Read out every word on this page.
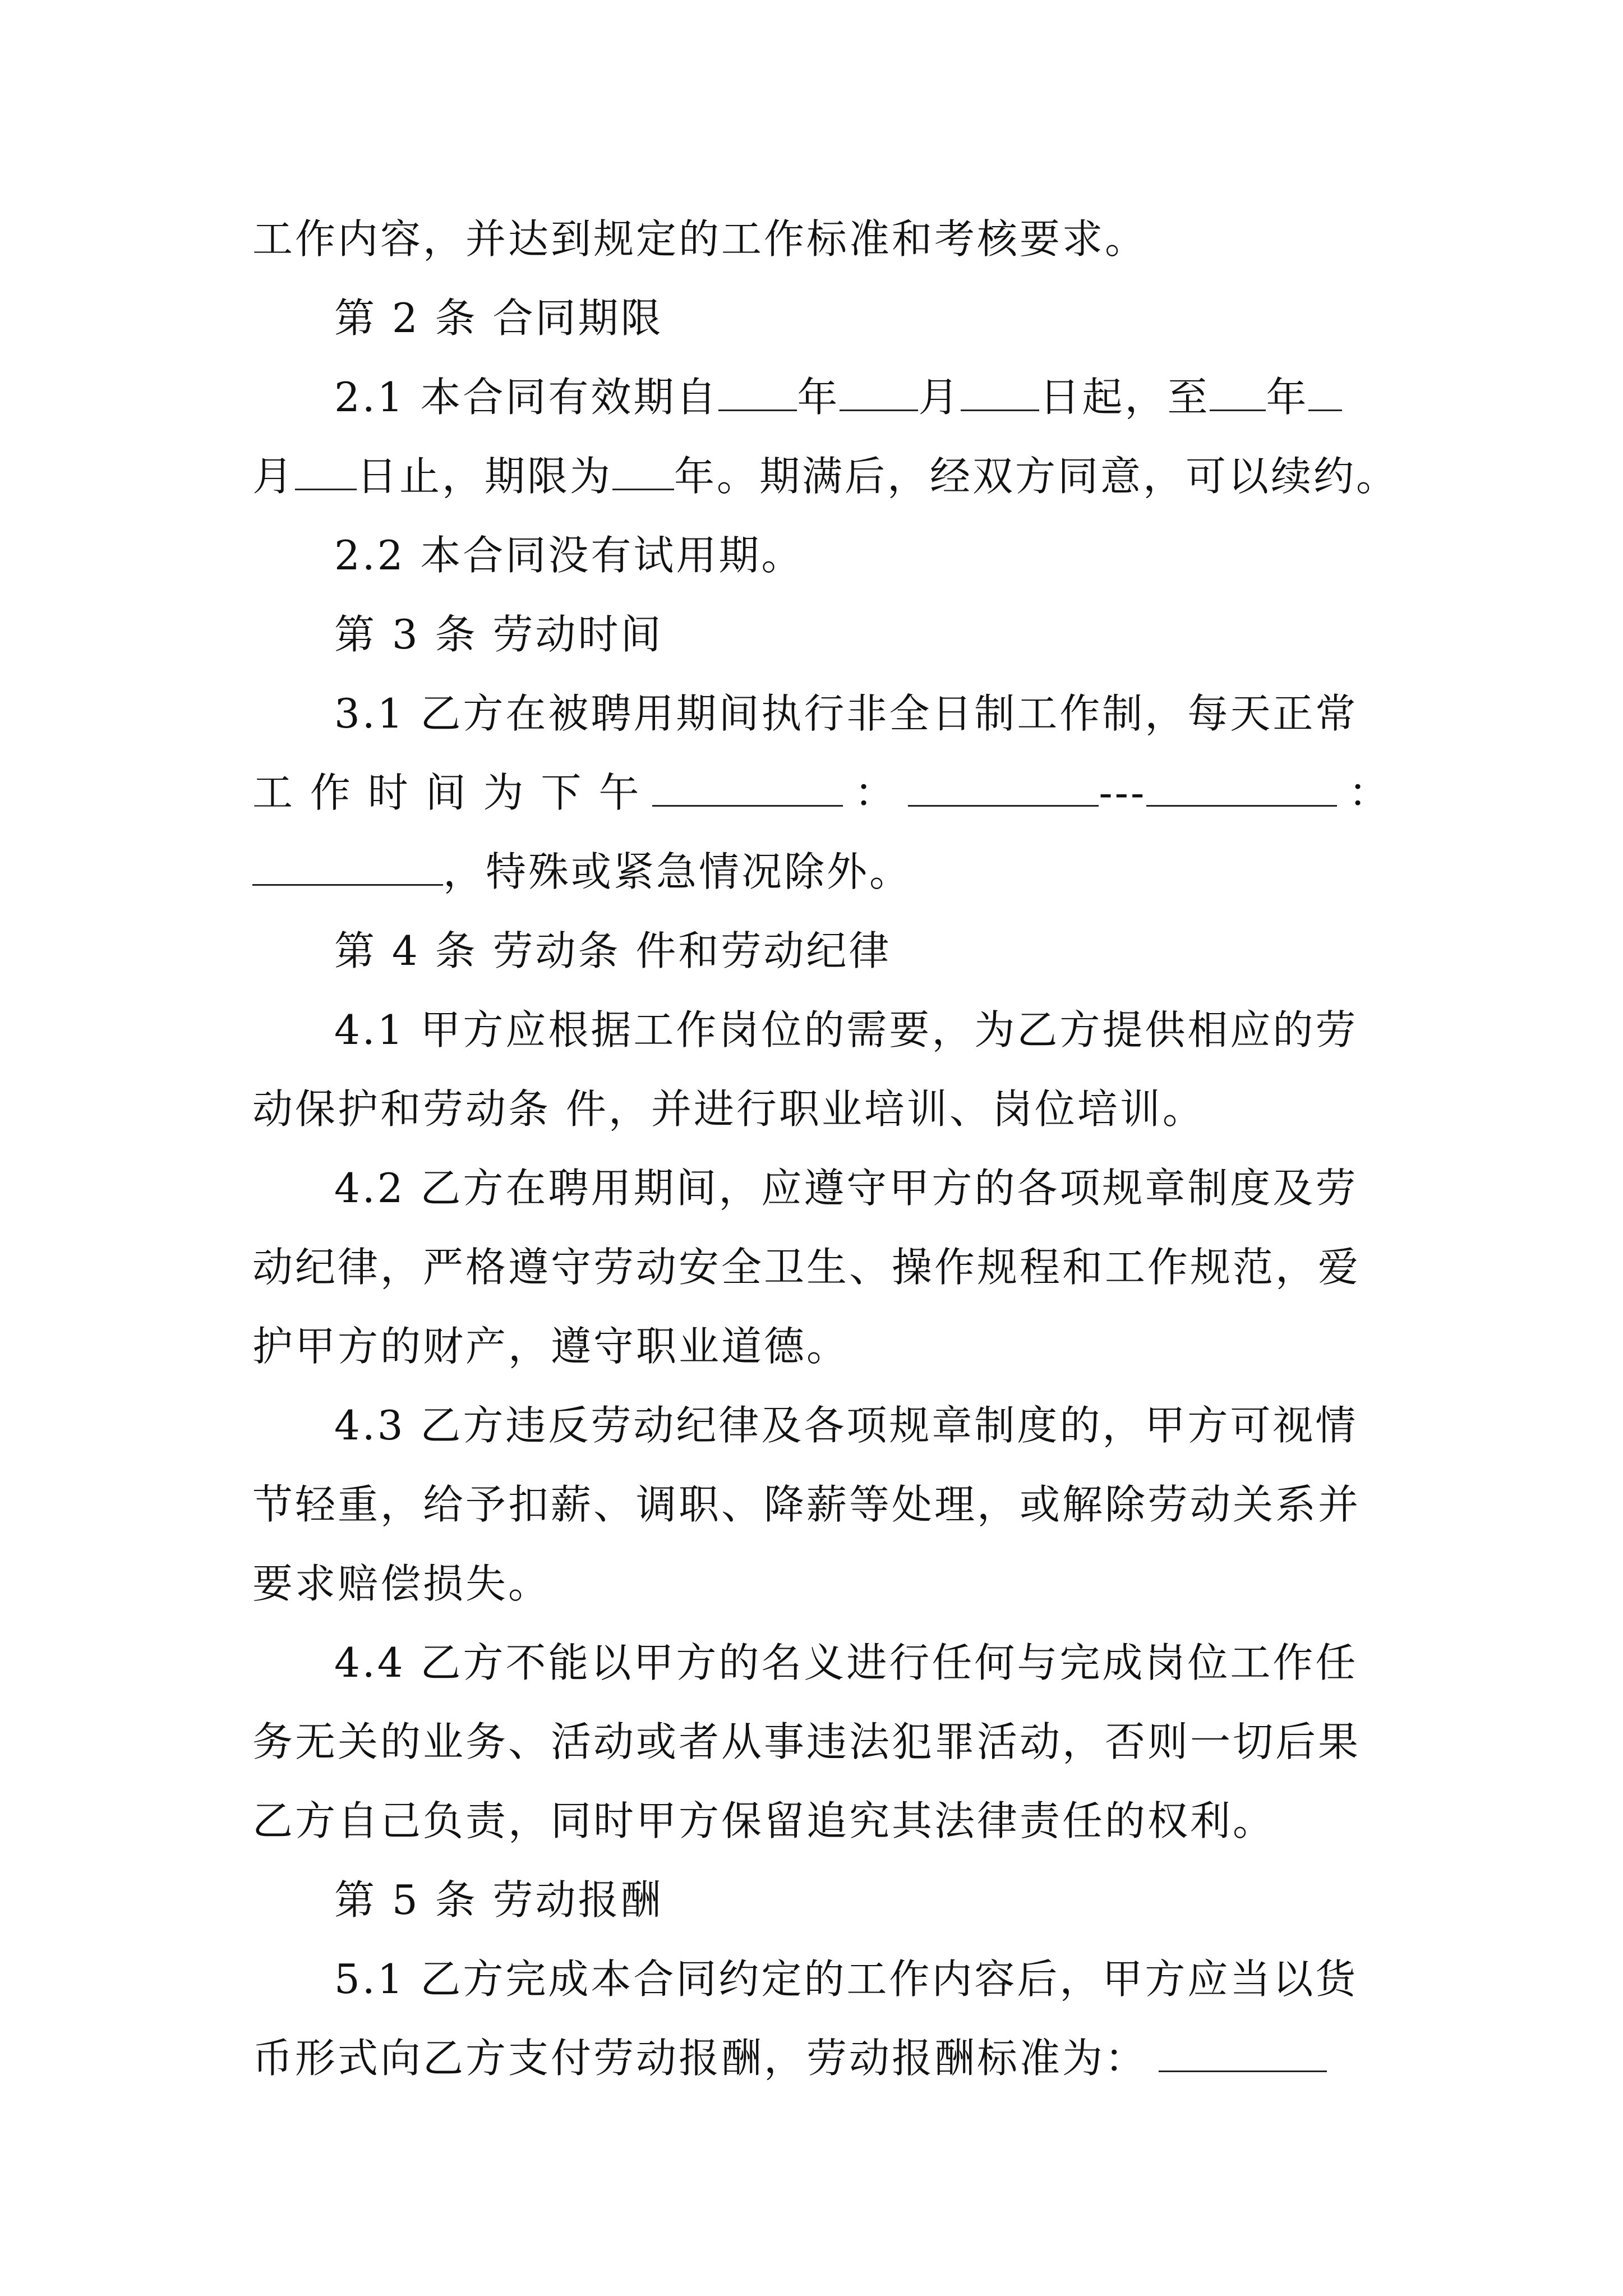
工作内容，并达到规定的工作标准和考核要求。
第 2 条 合同期限
2.1 本合同有效期自 年 月 日起，至 年
月 日止，期限为 年。期满后，经双方同意，可以续约。
2.2 本合同没有试用期。
第 3 条 劳动时间
3.1 乙方在被聘用期间执行非全日制工作制，每天正常
工 作 时 间 为 下 午	：	---	：
，特殊或紧急情况除外。
第 4 条 劳动条 件和劳动纪律
4.1 甲方应根据工作岗位的需要，为乙方提供相应的劳
动保护和劳动条 件，并进行职业培训、岗位培训。
4.2 乙方在聘用期间，应遵守甲方的各项规章制度及劳
动纪律，严格遵守劳动安全卫生、操作规程和工作规范，爱
护甲方的财产，遵守职业道德。
4.3 乙方违反劳动纪律及各项规章制度的，甲方可视情
节轻重，给予扣薪、调职、降薪等处理，或解除劳动关系并
要求赔偿损失。
4.4 乙方不能以甲方的名义进行任何与完成岗位工作任
务无关的业务、活动或者从事违法犯罪活动，否则一切后果
乙方自己负责，同时甲方保留追究其法律责任的权利。
第 5 条 劳动报酬
5.1 乙方完成本合同约定的工作内容后，甲方应当以货
币形式向乙方支付劳动报酬，劳动报酬标准为：
